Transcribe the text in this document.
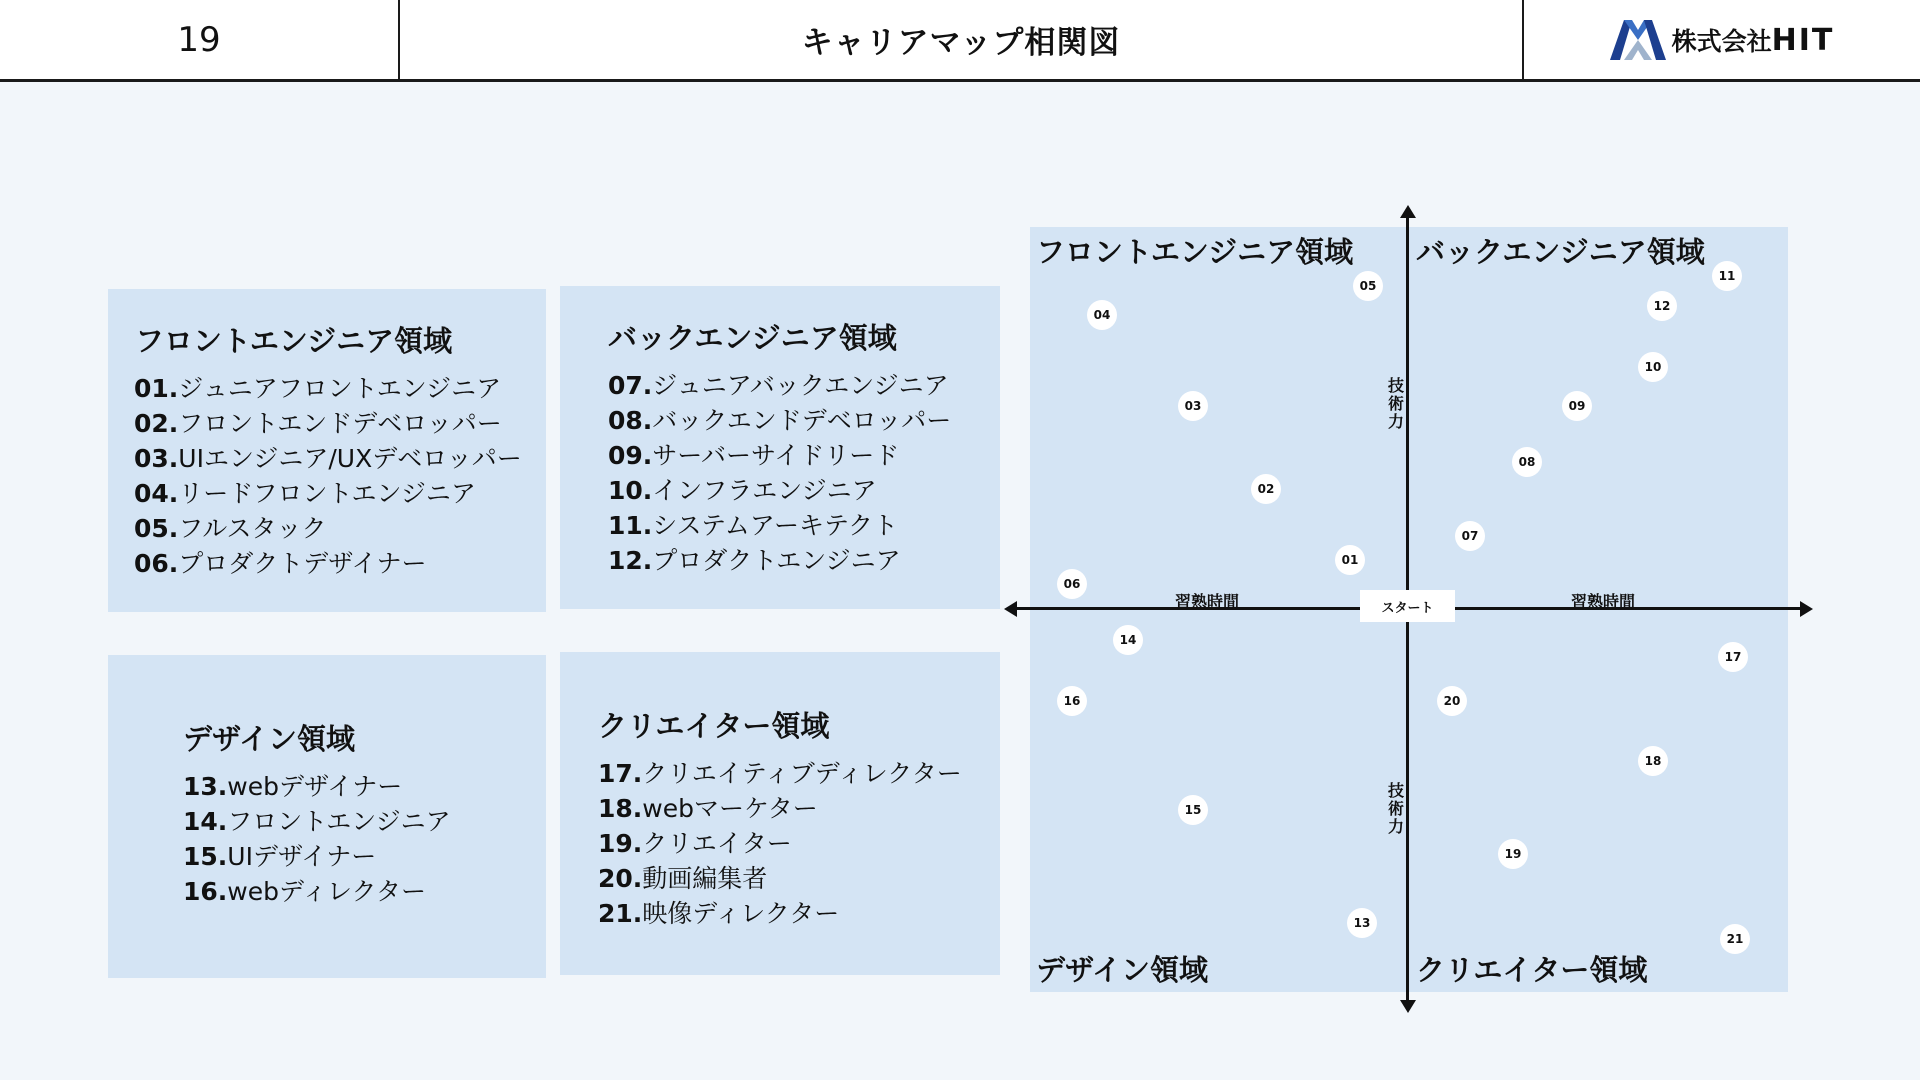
19	キャリアマップ相関図	株式会社HIT
フロントエンジニア領域
01.ジュニアフロントエンジニア
02.フロントエンドデベロッパー
03.UIエンジニア/UXデベロッパー
04.リードフロントエンジニア
05.フルスタック
06.プロダクトデザイナー
バックエンジニア領域
07.ジュニアバックエンジニア
08.バックエンドデベロッパー
09.サーバーサイドリード
10.インフラエンジニア
11.システムアーキテクト
12.プロダクトエンジニア
デザイン領域
13.webデザイナー
14.フロントエンジニア
15.UIデザイナー
16.webディレクター
クリエイター領域
17.クリエイティブディレクター
18.webマーケター
19.クリエイター
20.動画編集者
21.映像ディレクター
フロントエンジニア領域 バックエンジニア領域
デザイン領域	クリエイター領域
習熟時間	習熟時間
技術力
技術力
スタート
01
02
03
04
05
06
07
08
09
10
11
12
13
14
15
16
17
18
19
20
21
